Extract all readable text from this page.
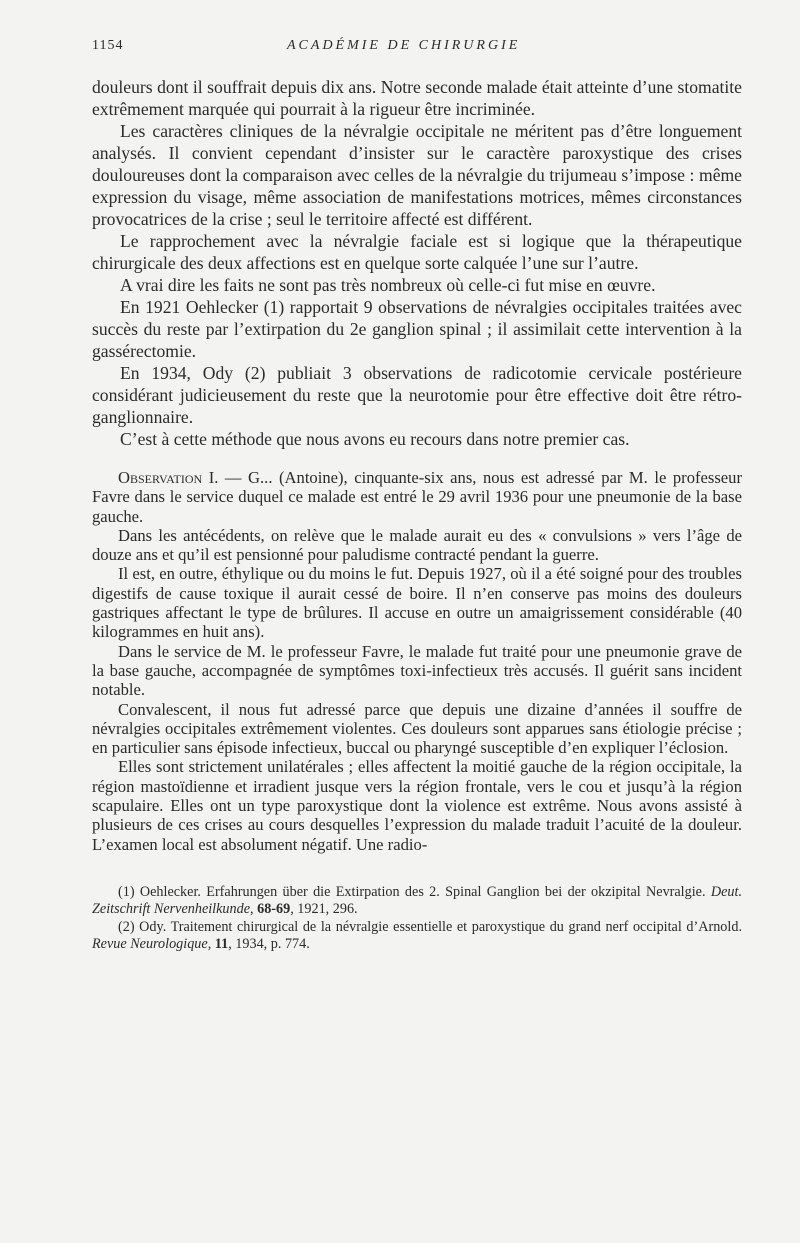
1154	ACADÉMIE DE CHIRURGIE

douleurs dont il souffrait depuis dix ans. Notre seconde malade était atteinte d’une stomatite extrêmement marquée qui pourrait à la rigueur être incriminée.

Les caractères cliniques de la névralgie occipitale ne méritent pas d’être longuement analysés. Il convient cependant d’insister sur le caractère paroxystique des crises douloureuses dont la comparaison avec celles de la névralgie du trijumeau s’impose : même expression du visage, même association de manifestations motrices, mêmes circonstances provocatrices de la crise ; seul le territoire affecté est différent.

Le rapprochement avec la névralgie faciale est si logique que la thérapeutique chirurgicale des deux affections est en quelque sorte calquée l’une sur l’autre.

A vrai dire les faits ne sont pas très nombreux où celle-ci fut mise en œuvre.

En 1921 Oehlecker (1) rapportait 9 observations de névralgies occipitales traitées avec succès du reste par l’extirpation du 2e ganglion spinal ; il assimilait cette intervention à la gassérectomie.

En 1934, Ody (2) publiait 3 observations de radicotomie cervicale postérieure considérant judicieusement du reste que la neurotomie pour être effective doit être rétro-ganglionnaire.

C’est à cette méthode que nous avons eu recours dans notre premier cas.

Observation I. — G... (Antoine), cinquante-six ans, nous est adressé par M. le professeur Favre dans le service duquel ce malade est entré le 29 avril 1936 pour une pneumonie de la base gauche.

Dans les antécédents, on relève que le malade aurait eu des « convulsions » vers l’âge de douze ans et qu’il est pensionné pour paludisme contracté pendant la guerre.

Il est, en outre, éthylique ou du moins le fut. Depuis 1927, où il a été soigné pour des troubles digestifs de cause toxique il aurait cessé de boire. Il n’en conserve pas moins des douleurs gastriques affectant le type de brûlures. Il accuse en outre un amaigrissement considérable (40 kilogrammes en huit ans).

Dans le service de M. le professeur Favre, le malade fut traité pour une pneumonie grave de la base gauche, accompagnée de symptômes toxi-infectieux très accusés. Il guérit sans incident notable.

Convalescent, il nous fut adressé parce que depuis une dizaine d’années il souffre de névralgies occipitales extrêmement violentes. Ces douleurs sont apparues sans étiologie précise ; en particulier sans épisode infectieux, buccal ou pharyngé susceptible d’en expliquer l’éclosion.

Elles sont strictement unilatérales ; elles affectent la moitié gauche de la région occipitale, la région mastoïdienne et irradient jusque vers la région frontale, vers le cou et jusqu’à la région scapulaire. Elles ont un type paroxystique dont la violence est extrême. Nous avons assisté à plusieurs de ces crises au cours desquelles l’expression du malade traduit l’acuité de la douleur. L’examen local est absolument négatif. Une radio-

(1) Oehlecker. Erfahrungen über die Extirpation des 2. Spinal Ganglion bei der okzipital Nevralgie. Deut. Zeitschrift Nervenheilkunde, 68-69, 1921, 296.

(2) Ody. Traitement chirurgical de la névralgie essentielle et paroxystique du grand nerf occipital d’Arnold. Revue Neurologique, 11, 1934, p. 774.
